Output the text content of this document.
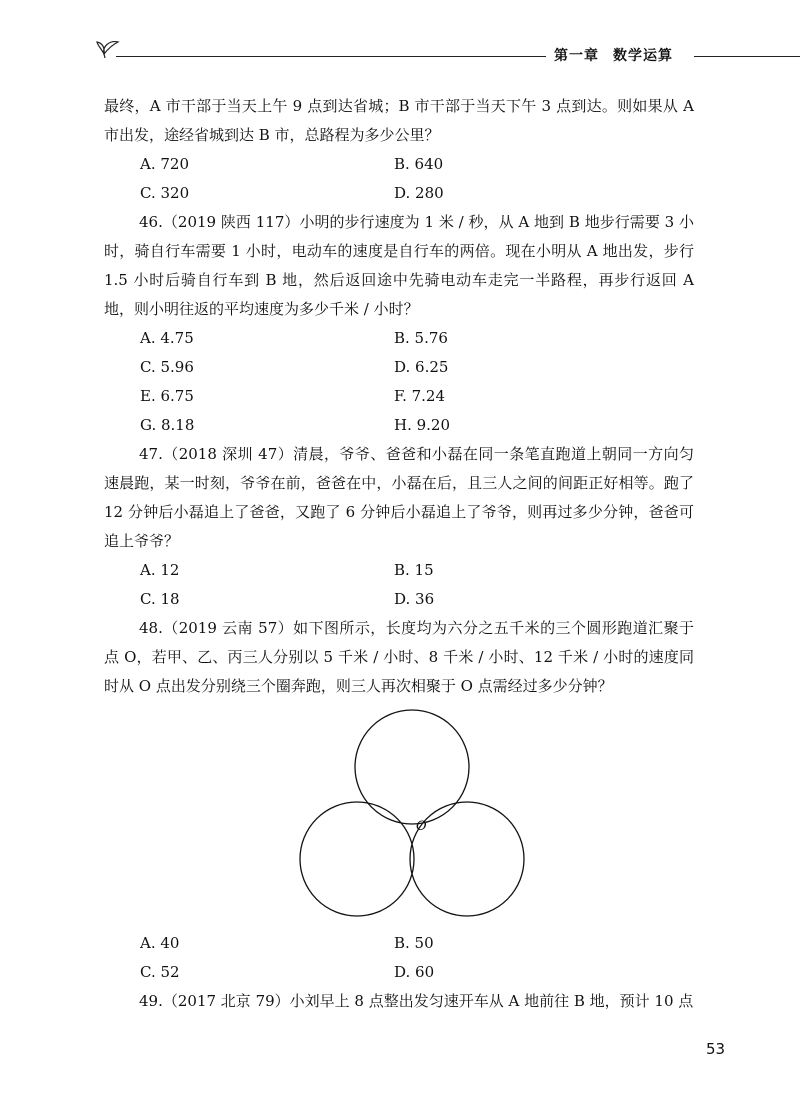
第一章 数学运算

最终，A 市干部于当天上午 9 点到达省城；B 市干部于当天下午 3 点到达。则如果从 A 市出发，途经省城到达 B 市，总路程为多少公里？

A. 720	B. 640
C. 320	D. 280

46.（2019 陕西 117）小明的步行速度为 1 米 / 秒，从 A 地到 B 地步行需要 3 小时，骑自行车需要 1 小时，电动车的速度是自行车的两倍。现在小明从 A 地出发，步行 1.5 小时后骑自行车到 B 地，然后返回途中先骑电动车走完一半路程，再步行返回 A 地，则小明往返的平均速度为多少千米 / 小时？

A. 4.75	B. 5.76
C. 5.96	D. 6.25
E. 6.75	F. 7.24
G. 8.18	H. 9.20

47.（2018 深圳 47）清晨，爷爷、爸爸和小磊在同一条笔直跑道上朝同一方向匀速晨跑，某一时刻，爷爷在前，爸爸在中，小磊在后，且三人之间的间距正好相等。跑了 12 分钟后小磊追上了爸爸，又跑了 6 分钟后小磊追上了爷爷，则再过多少分钟，爸爸可追上爷爷？

A. 12	B. 15
C. 18	D. 36

48.（2019 云南 57）如下图所示，长度均为六分之五千米的三个圆形跑道汇聚于点 O，若甲、乙、丙三人分别以 5 千米 / 小时、8 千米 / 小时、12 千米 / 小时的速度同时从 O 点出发分别绕三个圈奔跑，则三人再次相聚于 O 点需经过多少分钟？

O
A. 40	B. 50
C. 52	D. 60

49.（2017 北京 79）小刘早上 8 点整出发匀速开车从 A 地前往 B 地，预计 10 点

53
